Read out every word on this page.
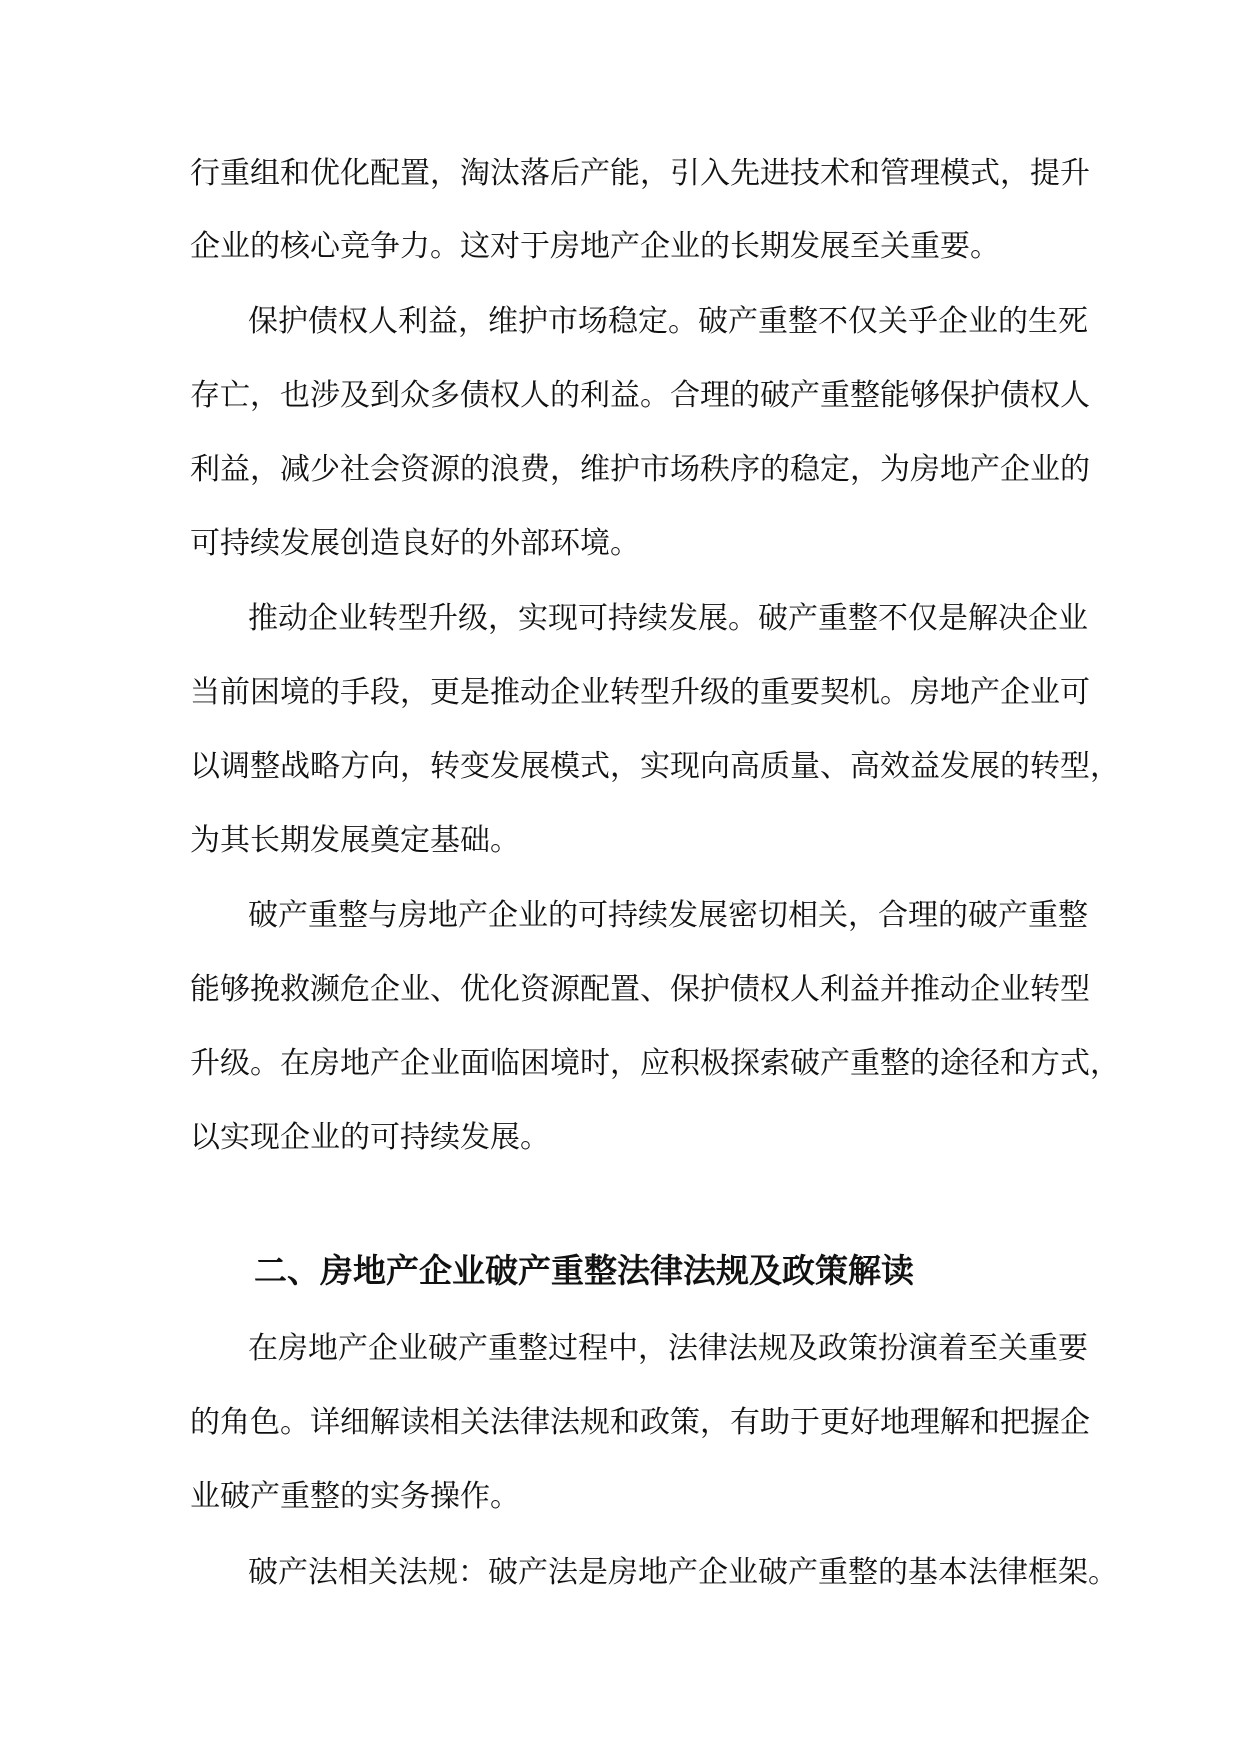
行重组和优化配置，淘汰落后产能，引入先进技术和管理模式，提升
企业的核心竞争力。这对于房地产企业的长期发展至关重要。
保护债权人利益，维护市场稳定。破产重整不仅关乎企业的生死
存亡，也涉及到众多债权人的利益。合理的破产重整能够保护债权人
利益，减少社会资源的浪费，维护市场秩序的稳定，为房地产企业的
可持续发展创造良好的外部环境。
推动企业转型升级，实现可持续发展。破产重整不仅是解决企业
当前困境的手段，更是推动企业转型升级的重要契机。房地产企业可
以调整战略方向，转变发展模式，实现向高质量、高效益发展的转型，
为其长期发展奠定基础。
破产重整与房地产企业的可持续发展密切相关，合理的破产重整
能够挽救濒危企业、优化资源配置、保护债权人利益并推动企业转型
升级。在房地产企业面临困境时，应积极探索破产重整的途径和方式，
以实现企业的可持续发展。
二、房地产企业破产重整法律法规及政策解读
在房地产企业破产重整过程中，法律法规及政策扮演着至关重要
的角色。详细解读相关法律法规和政策，有助于更好地理解和把握企
业破产重整的实务操作。
破产法相关法规：破产法是房地产企业破产重整的基本法律框架。
